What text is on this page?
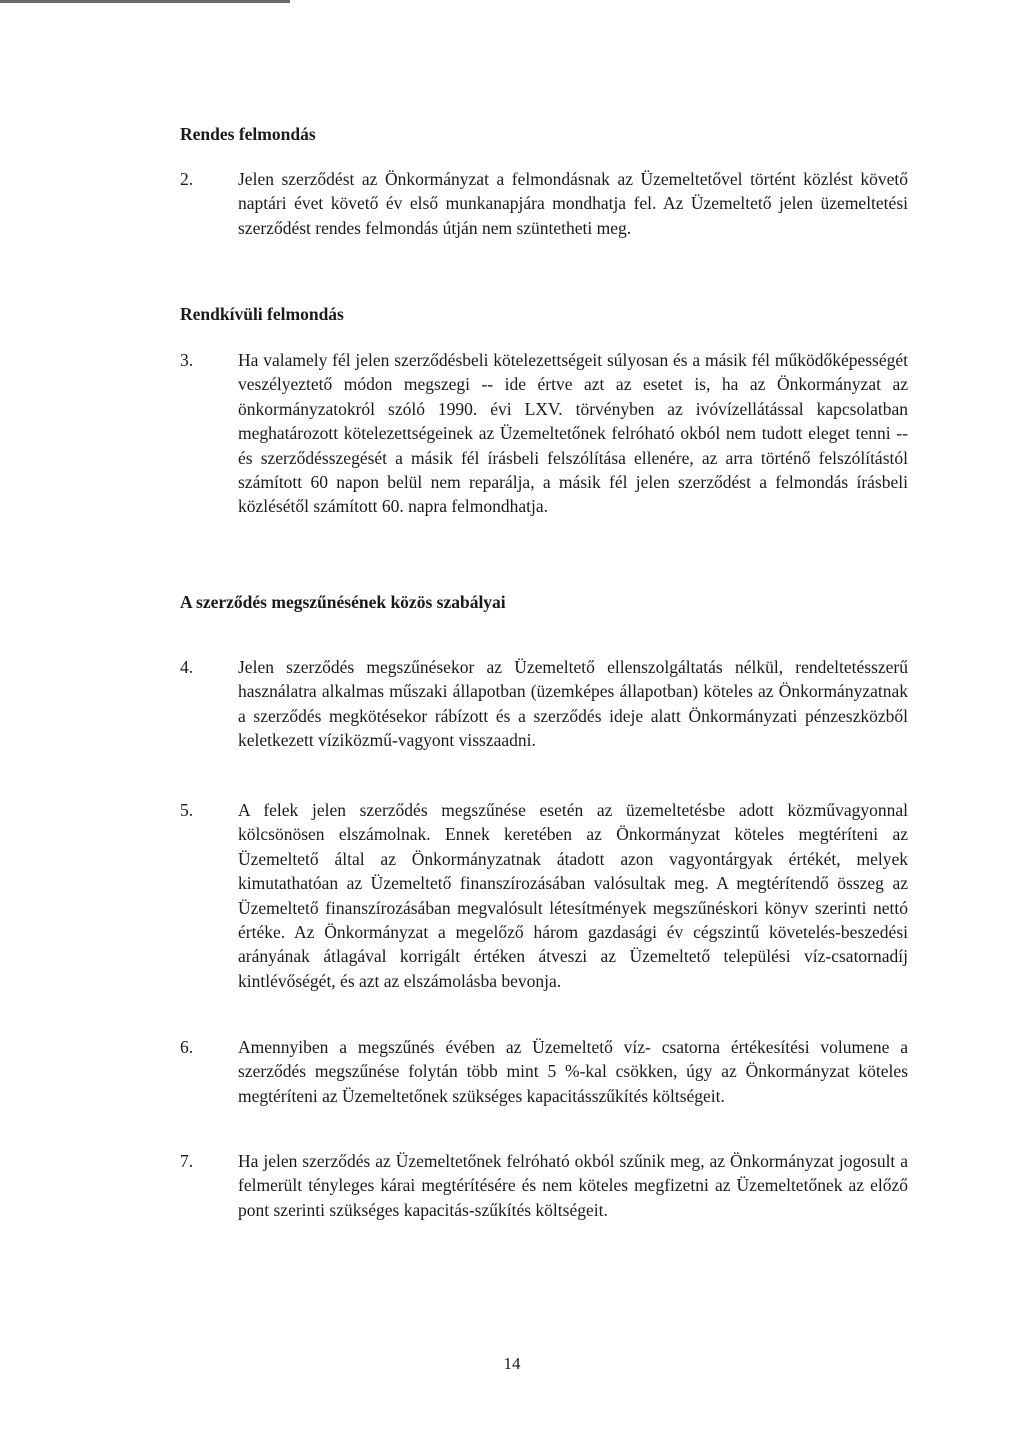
Rendes felmondás
2.	Jelen szerződést az Önkormányzat a felmondásnak az Üzemeltetővel történt közlést követő naptári évet követő év első munkanapjára mondhatja fel. Az Üzemeltető jelen üzemeltetési szerződést rendes felmondás útján nem szüntetheti meg.
Rendkívüli felmondás
3.	Ha valamely fél jelen szerződésbeli kötelezettségeit súlyosan és a másik fél működőképességét veszélyeztető módon megszegi -- ide értve azt az esetet is, ha az Önkormányzat az önkormányzatokról szóló 1990. évi LXV. törvényben az ivóvízellátással kapcsolatban meghatározott kötelezettségeinek az Üzemeltetőnek felróható okból nem tudott eleget tenni -- és szerződésszegését a másik fél írásbeli felszólítása ellenére, az arra történő felszólítástól számított 60 napon belül nem reparálja, a másik fél jelen szerződést a felmondás írásbeli közlésétől számított 60. napra felmondhatja.
A szerződés megszűnésének közös szabályai
4.	Jelen szerződés megszűnésekor az Üzemeltető ellenszolgáltatás nélkül, rendeltetésszerű használatra alkalmas műszaki állapotban (üzemképes állapotban) köteles az Önkormányzatnak a szerződés megkötésekor rábízott és a szerződés ideje alatt Önkormányzati pénzeszközből keletkezett víziközmű-vagyont visszaadni.
5.	A felek jelen szerződés megszűnése esetén az üzemeltetésbe adott közművagyonnal kölcsönösen elszámolnak. Ennek keretében az Önkormányzat köteles megtéríteni az Üzemeltető által az Önkormányzatnak átadott azon vagyontárgyak értékét, melyek kimutathatóan az Üzemeltető finanszírozásában valósultak meg. A megtérítendő összeg az Üzemeltető finanszírozásában megvalósult létesítmények megszűnéskori könyv szerinti nettó értéke. Az Önkormányzat a megelőző három gazdasági év cégszintű követelés-beszedési arányának átlagával korrigált értéken átveszi az Üzemeltető települési víz-csatornadíj kintlévőségét, és azt az elszámolásba bevonja.
6.	Amennyiben a megszűnés évében az Üzemeltető víz- csatorna értékesítési volumene a szerződés megszűnése folytán több mint 5 %-kal csökken, úgy az Önkormányzat köteles megtéríteni az Üzemeltetőnek szükséges kapacitásszűkítés költségeit.
7.	Ha jelen szerződés az Üzemeltetőnek felróható okból szűnik meg, az Önkormányzat jogosult a felmerült tényleges kárai megtérítésére és nem köteles megfizetni az Üzemeltetőnek az előző pont szerinti szükséges kapacitás-szűkítés költségeit.
14
